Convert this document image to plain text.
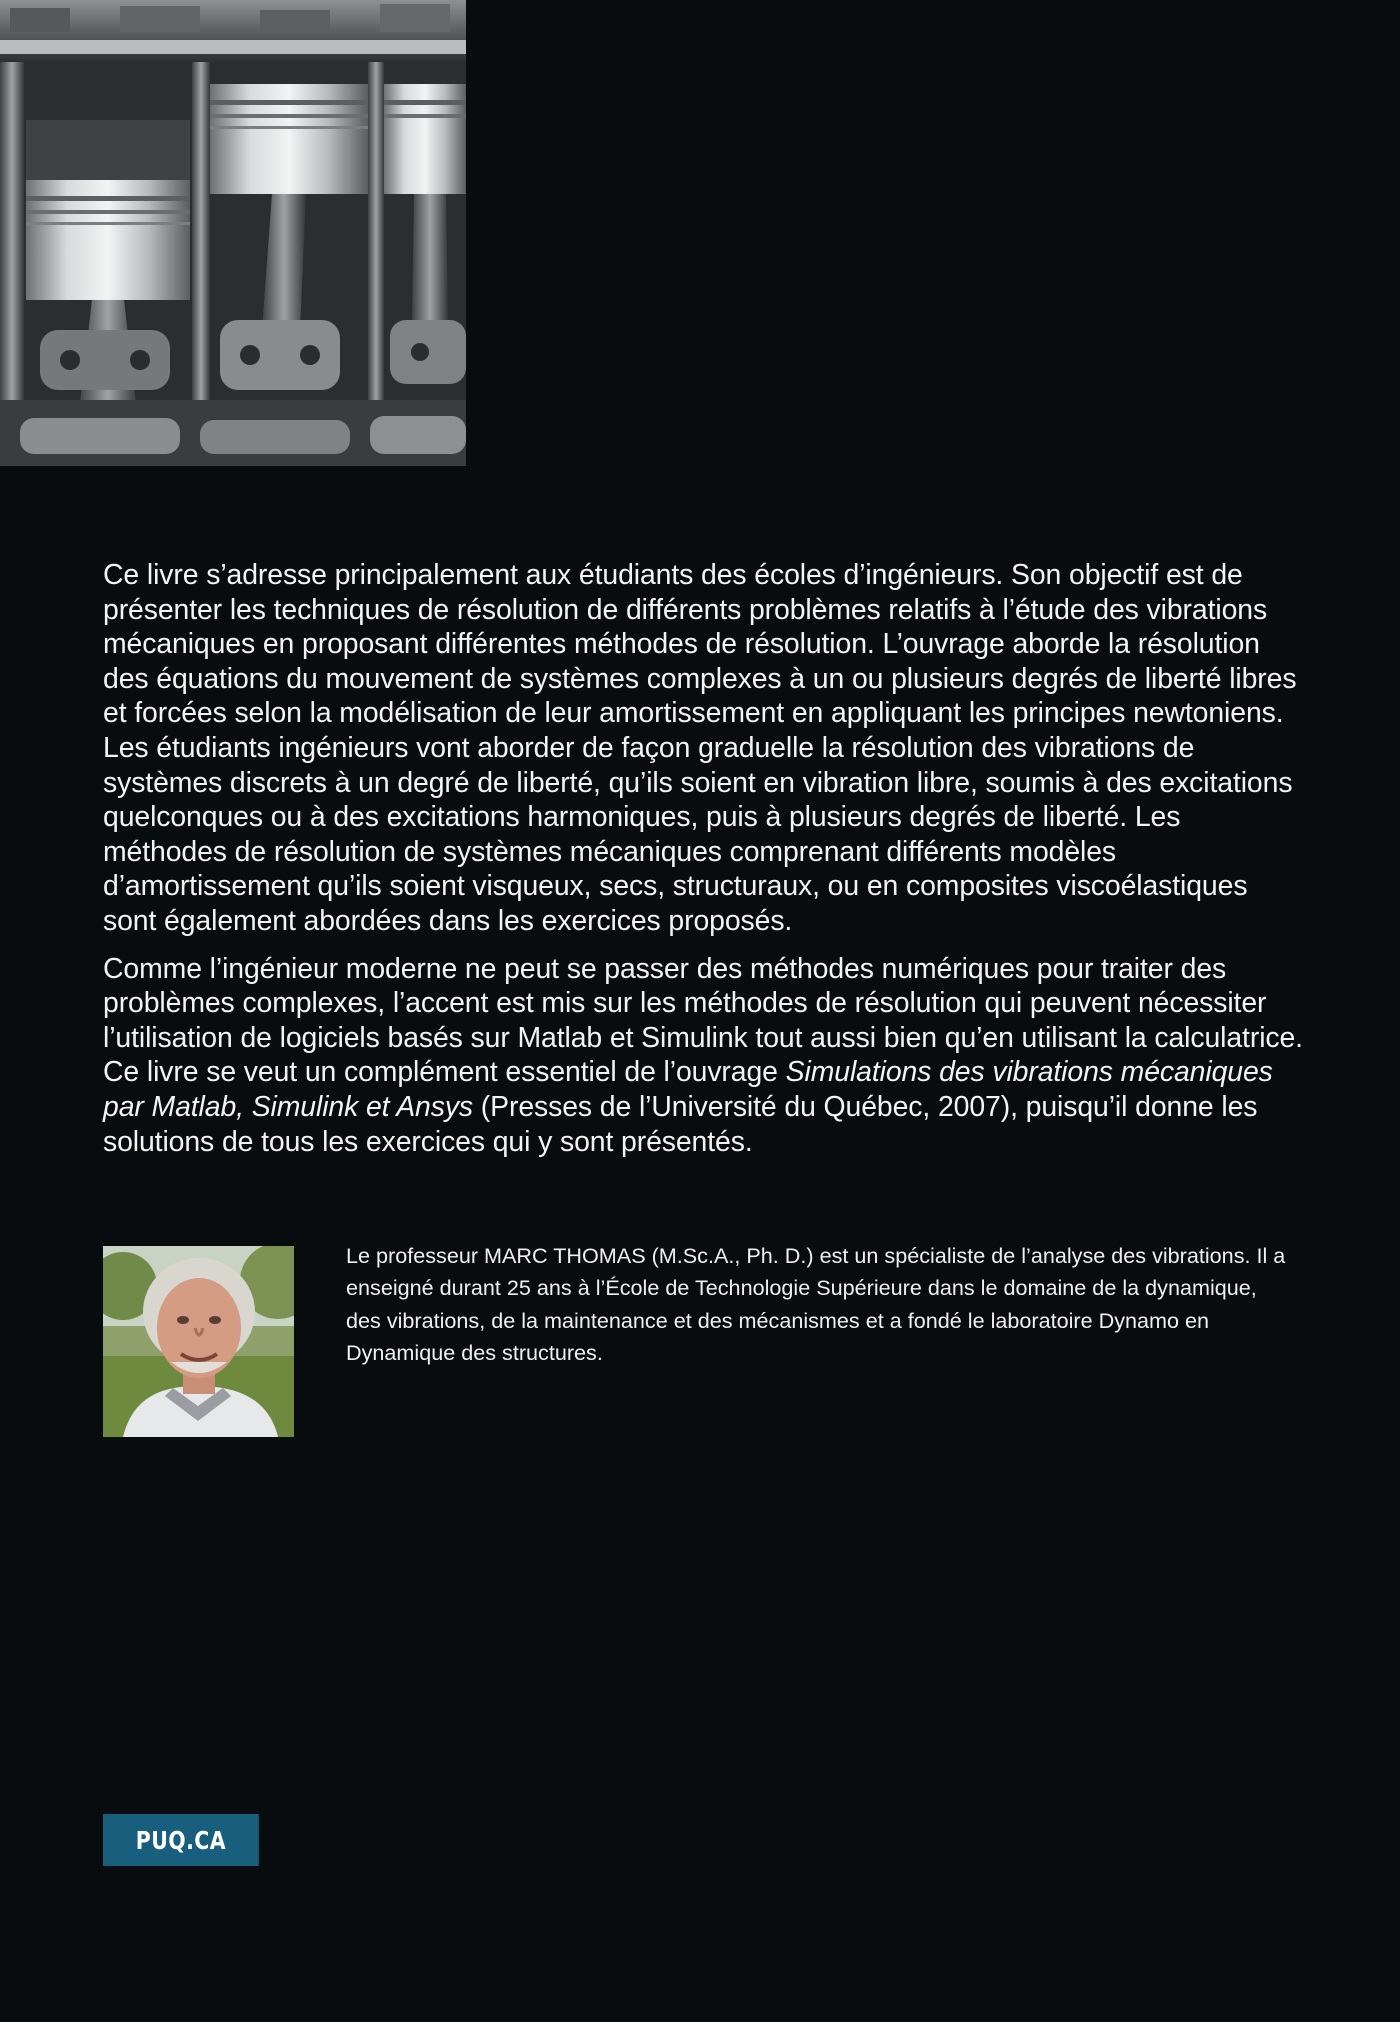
Ce livre s’adresse principalement aux étudiants des écoles d’ingénieurs. Son objectif est de présenter les techniques de résolution de différents problèmes relatifs à l’étude des vibrations mécaniques en proposant différentes méthodes de résolution. L’ouvrage aborde la résolution des équations du mouvement de systèmes complexes à un ou plusieurs degrés de liberté libres et forcées selon la modélisation de leur amortissement en appliquant les principes newtoniens. Les étudiants ingénieurs vont aborder de façon graduelle la résolution des vibrations de systèmes discrets à un degré de liberté, qu’ils soient en vibration libre, soumis à des excitations quelconques ou à des excitations harmoniques, puis à plusieurs degrés de liberté. Les méthodes de résolution de systèmes mécaniques comprenant différents modèles d’amortissement qu’ils soient visqueux, secs, structuraux, ou en composites viscoélastiques sont également abordées dans les exercices proposés.

Comme l’ingénieur moderne ne peut se passer des méthodes numériques pour traiter des problèmes complexes, l’accent est mis sur les méthodes de résolution qui peuvent nécessiter l’utilisation de logiciels basés sur Matlab et Simulink tout aussi bien qu’en utilisant la calculatrice. Ce livre se veut un complément essentiel de l’ouvrage Simulations des vibrations mécaniques par Matlab, Simulink et Ansys (Presses de l’Université du Québec, 2007), puisqu’il donne les solutions de tous les exercices qui y sont présentés.

Le professeur MARC THOMAS (M.Sc.A., Ph. D.) est un spécialiste de l’analyse des vibrations. Il a enseigné durant 25 ans à l’École de Technologie Supérieure dans le domaine de la dynamique, des vibrations, de la maintenance et des mécanismes et a fondé le laboratoire Dynamo en Dynamique des structures.
PUQ.CA
